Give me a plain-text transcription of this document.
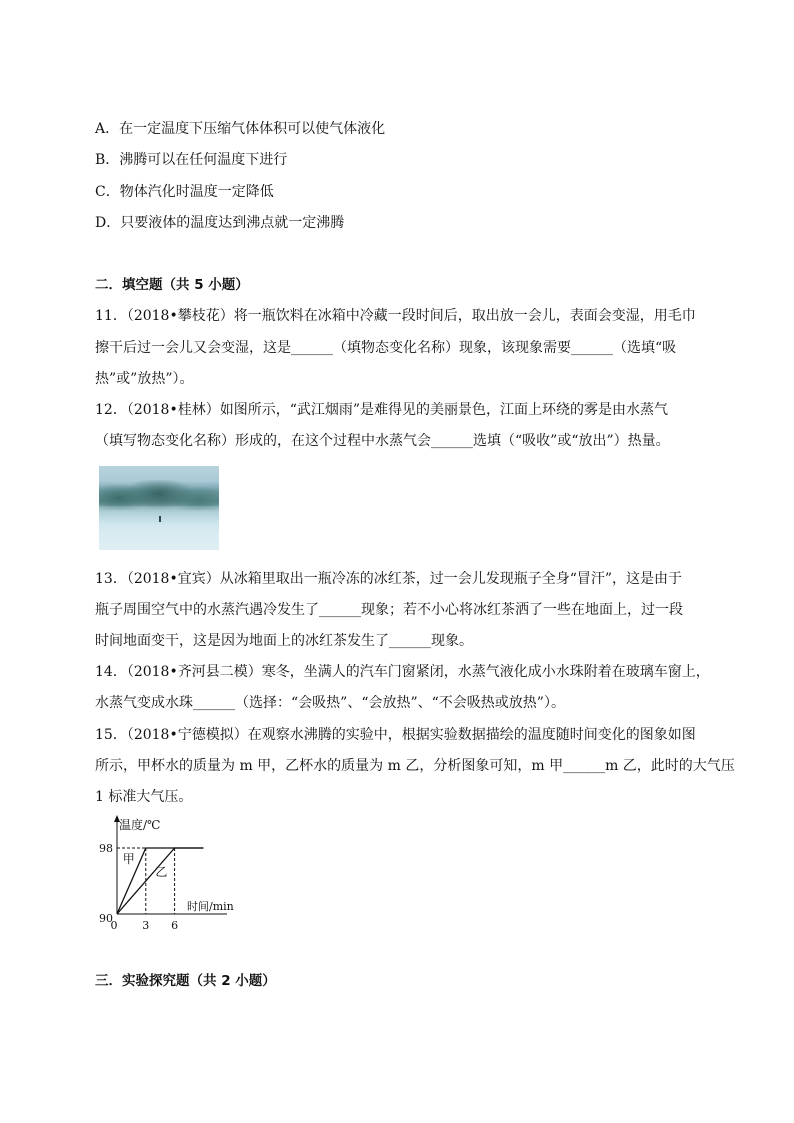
A．在一定温度下压缩气体体积可以使气体液化
B．沸腾可以在任何温度下进行
C．物体汽化时温度一定降低
D．只要液体的温度达到沸点就一定沸腾
二．填空题（共 5 小题）
11．（2018•攀枝花）将一瓶饮料在冰箱中冷藏一段时间后，取出放一会儿，表面会变湿，用毛巾
擦干后过一会儿又会变湿，这是______（填物态变化名称）现象，该现象需要______（选填“吸
热”或”放热”）。
12．（2018•桂林）如图所示，“武江烟雨”是难得见的美丽景色，江面上环绕的雾是由水蒸气
（填写物态变化名称）形成的，在这个过程中水蒸气会______选填（“吸收”或“放出”）热量。
13．（2018•宜宾）从冰箱里取出一瓶冷冻的冰红茶，过一会儿发现瓶子全身“冒汗”，这是由于
瓶子周围空气中的水蒸汽遇冷发生了______现象；若不小心将冰红茶洒了一些在地面上，过一段
时间地面变干，这是因为地面上的冰红茶发生了______现象。
14．（2018•齐河县二模）寒冬，坐满人的汽车门窗紧闭，水蒸气液化成小水珠附着在玻璃车窗上，
水蒸气变成水珠______（选择：“会吸热”、“会放热”、“不会吸热或放热”）。
15．（2018•宁德模拟）在观察水沸腾的实验中，根据实验数据描绘的温度随时间变化的图象如图
所示，甲杯水的质量为 m 甲，乙杯水的质量为 m 乙，分析图象可知，m 甲______m 乙，此时的大气压
1 标准大气压。
温度/℃
时间/min
98
90
0 3 6
甲
乙
三．实验探究题（共 2 小题）
